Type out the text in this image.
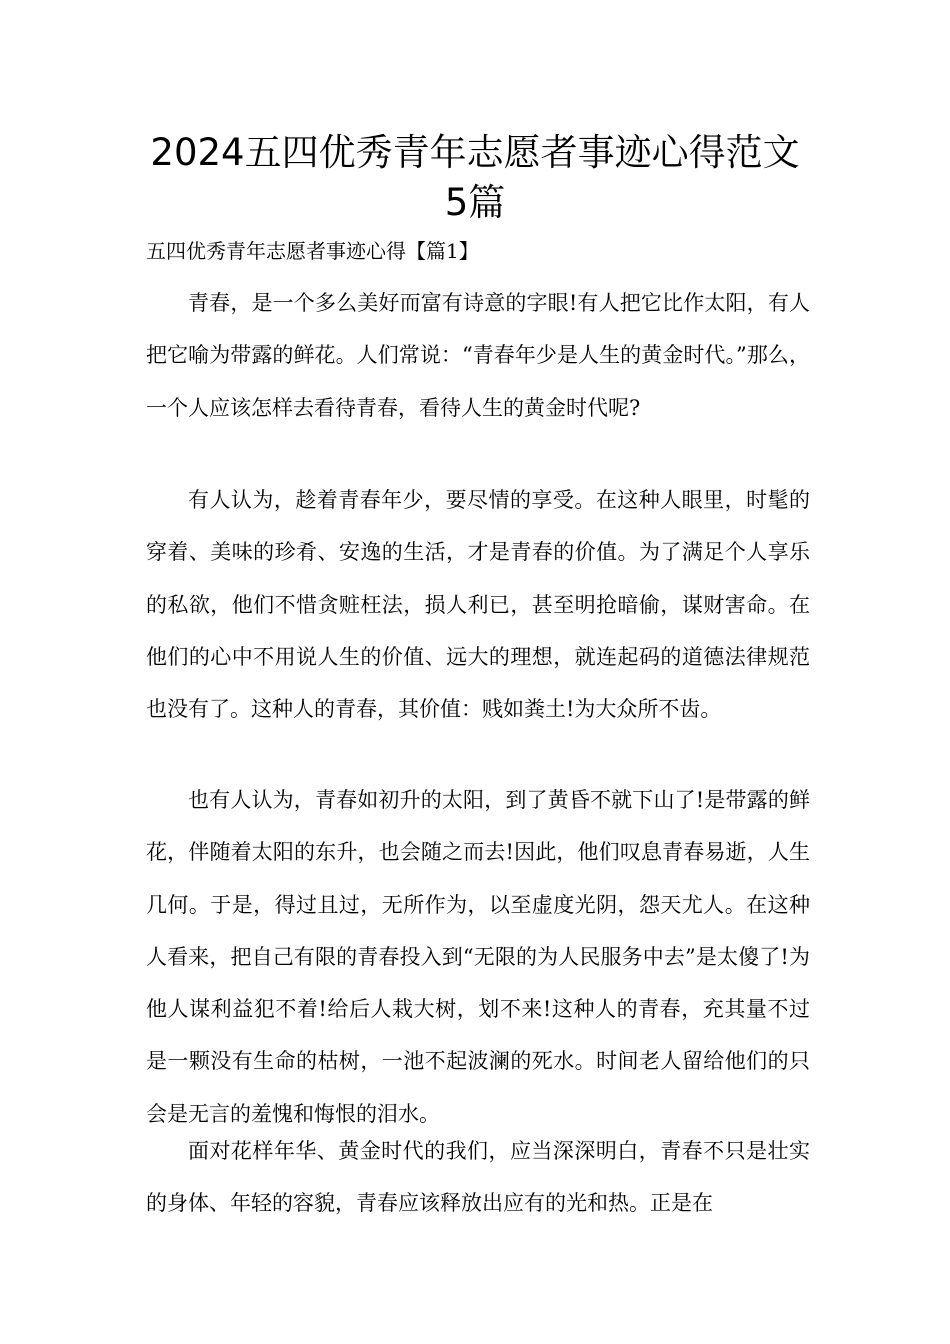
2024五四优秀青年志愿者事迹心得范文5篇

五四优秀青年志愿者事迹心得【篇1】

青春，是一个多么美好而富有诗意的字眼!有人把它比作太阳，有人把它喻为带露的鲜花。人们常说：“青春年少是人生的黄金时代。”那么，一个人应该怎样去看待青春，看待人生的黄金时代呢?

有人认为，趁着青春年少，要尽情的享受。在这种人眼里，时髦的穿着、美味的珍肴、安逸的生活，才是青春的价值。为了满足个人享乐的私欲，他们不惜贪赃枉法，损人利已，甚至明抢暗偷，谋财害命。在他们的心中不用说人生的价值、远大的理想，就连起码的道德法律规范也没有了。这种人的青春，其价值：贱如粪土!为大众所不齿。

也有人认为，青春如初升的太阳，到了黄昏不就下山了!是带露的鲜花，伴随着太阳的东升，也会随之而去!因此，他们叹息青春易逝，人生几何。于是，得过且过，无所作为，以至虚度光阴，怨天尤人。在这种人看来，把自己有限的青春投入到“无限的为人民服务中去”是太傻了!为他人谋利益犯不着!给后人栽大树，划不来!这种人的青春，充其量不过是一颗没有生命的枯树，一池不起波澜的死水。时间老人留给他们的只会是无言的羞愧和悔恨的泪水。

面对花样年华、黄金时代的我们，应当深深明白，青春不只是壮实的身体、年轻的容貌，青春应该释放出应有的光和热。正是在
